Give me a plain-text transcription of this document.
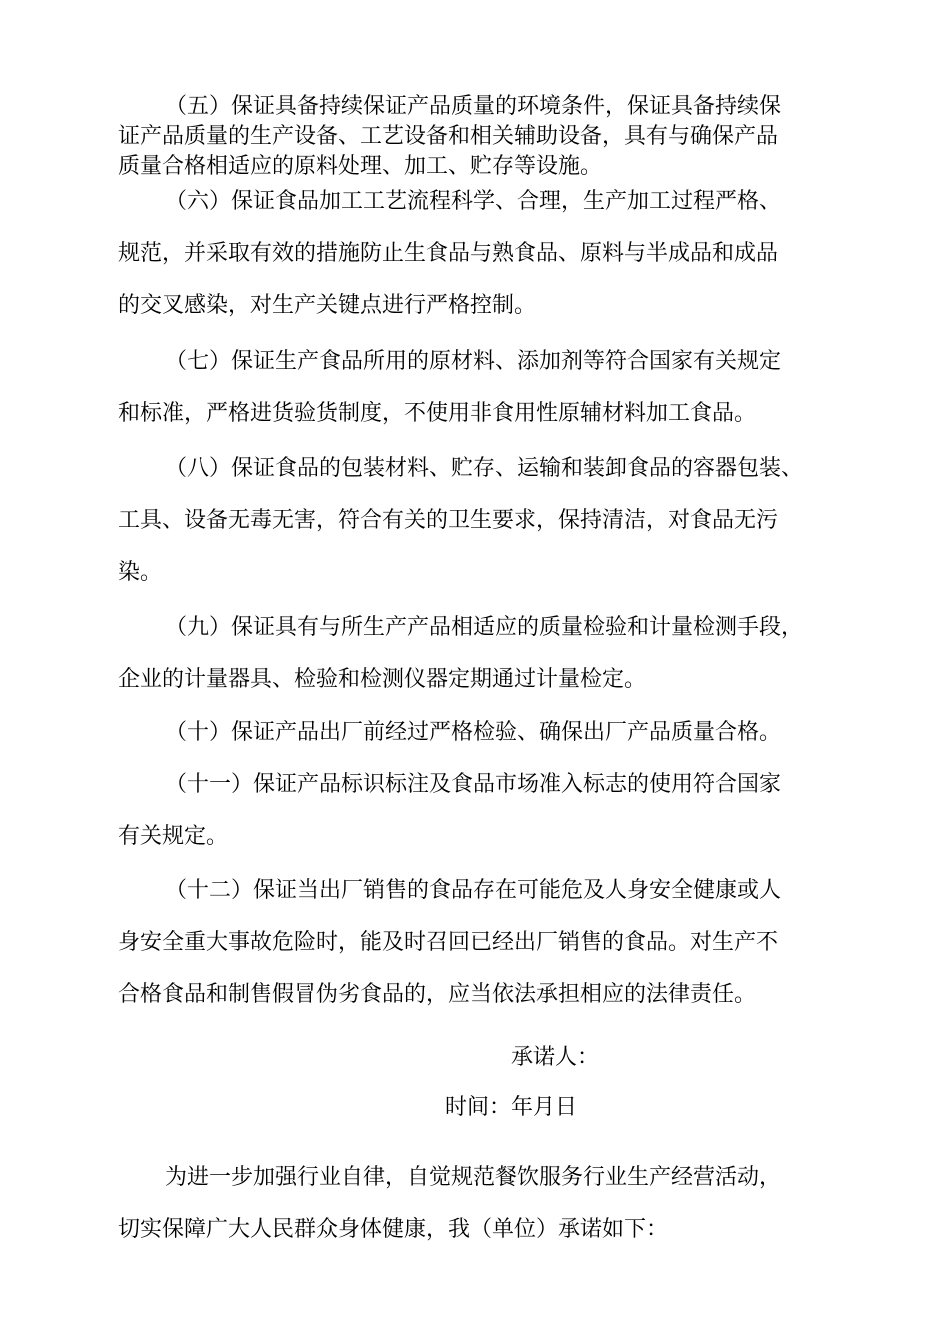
（五）保证具备持续保证产品质量的环境条件，保证具备持续保
证产品质量的生产设备、工艺设备和相关辅助设备，具有与确保产品
质量合格相适应的原料处理、加工、贮存等设施。
（六）保证食品加工工艺流程科学、合理，生产加工过程严格、
规范，并采取有效的措施防止生食品与熟食品、原料与半成品和成品
的交叉感染，对生产关键点进行严格控制。
（七）保证生产食品所用的原材料、添加剂等符合国家有关规定
和标准，严格进货验货制度，不使用非食用性原辅材料加工食品。
（八）保证食品的包装材料、贮存、运输和装卸食品的容器包装、
工具、设备无毒无害，符合有关的卫生要求，保持清洁，对食品无污
染。
（九）保证具有与所生产产品相适应的质量检验和计量检测手段，
企业的计量器具、检验和检测仪器定期通过计量检定。
（十）保证产品出厂前经过严格检验、确保出厂产品质量合格。
（十一）保证产品标识标注及食品市场准入标志的使用符合国家
有关规定。
（十二）保证当出厂销售的食品存在可能危及人身安全健康或人
身安全重大事故危险时，能及时召回已经出厂销售的食品。对生产不
合格食品和制售假冒伪劣食品的，应当依法承担相应的法律责任。

承诺人：

时间：年月日

为进一步加强行业自律，自觉规范餐饮服务行业生产经营活动，
切实保障广大人民群众身体健康，我（单位）承诺如下：
